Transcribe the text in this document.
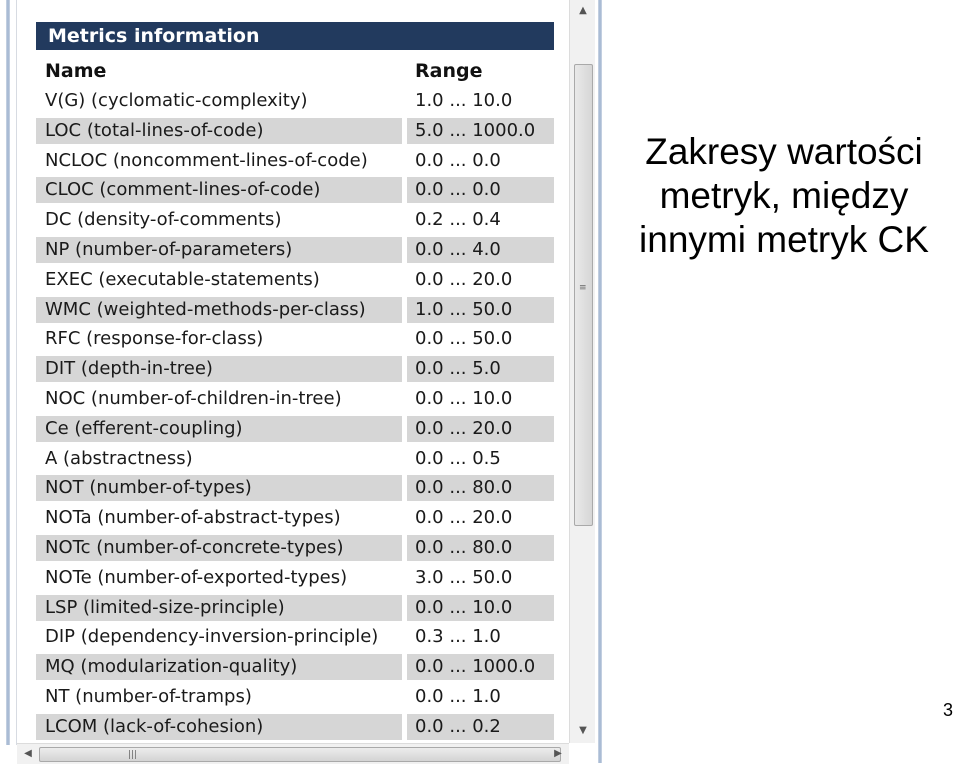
Metrics information
Name	Range
V(G) (cyclomatic-complexity)	1.0 ... 10.0
LOC (total-lines-of-code)	5.0 ... 1000.0
NCLOC (noncomment-lines-of-code)	0.0 ... 0.0
CLOC (comment-lines-of-code)	0.0 ... 0.0
DC (density-of-comments)	0.2 ... 0.4
NP (number-of-parameters)	0.0 ... 4.0
EXEC (executable-statements)	0.0 ... 20.0
WMC (weighted-methods-per-class)	1.0 ... 50.0
RFC (response-for-class)	0.0 ... 50.0
DIT (depth-in-tree)	0.0 ... 5.0
NOC (number-of-children-in-tree)	0.0 ... 10.0
Ce (efferent-coupling)	0.0 ... 20.0
A (abstractness)	0.0 ... 0.5
NOT (number-of-types)	0.0 ... 80.0
NOTa (number-of-abstract-types)	0.0 ... 20.0
NOTc (number-of-concrete-types)	0.0 ... 80.0
NOTe (number-of-exported-types)	3.0 ... 50.0
LSP (limited-size-principle)	0.0 ... 10.0
DIP (dependency-inversion-principle)	0.3 ... 1.0
MQ (modularization-quality)	0.0 ... 1000.0
NT (number-of-tramps)	0.0 ... 1.0
LCOM (lack-of-cohesion)	0.0 ... 0.2
▲
≡
▼
◀	|||	▶
Zakresy wartości
metryk, między
innymi metryk CK
3
